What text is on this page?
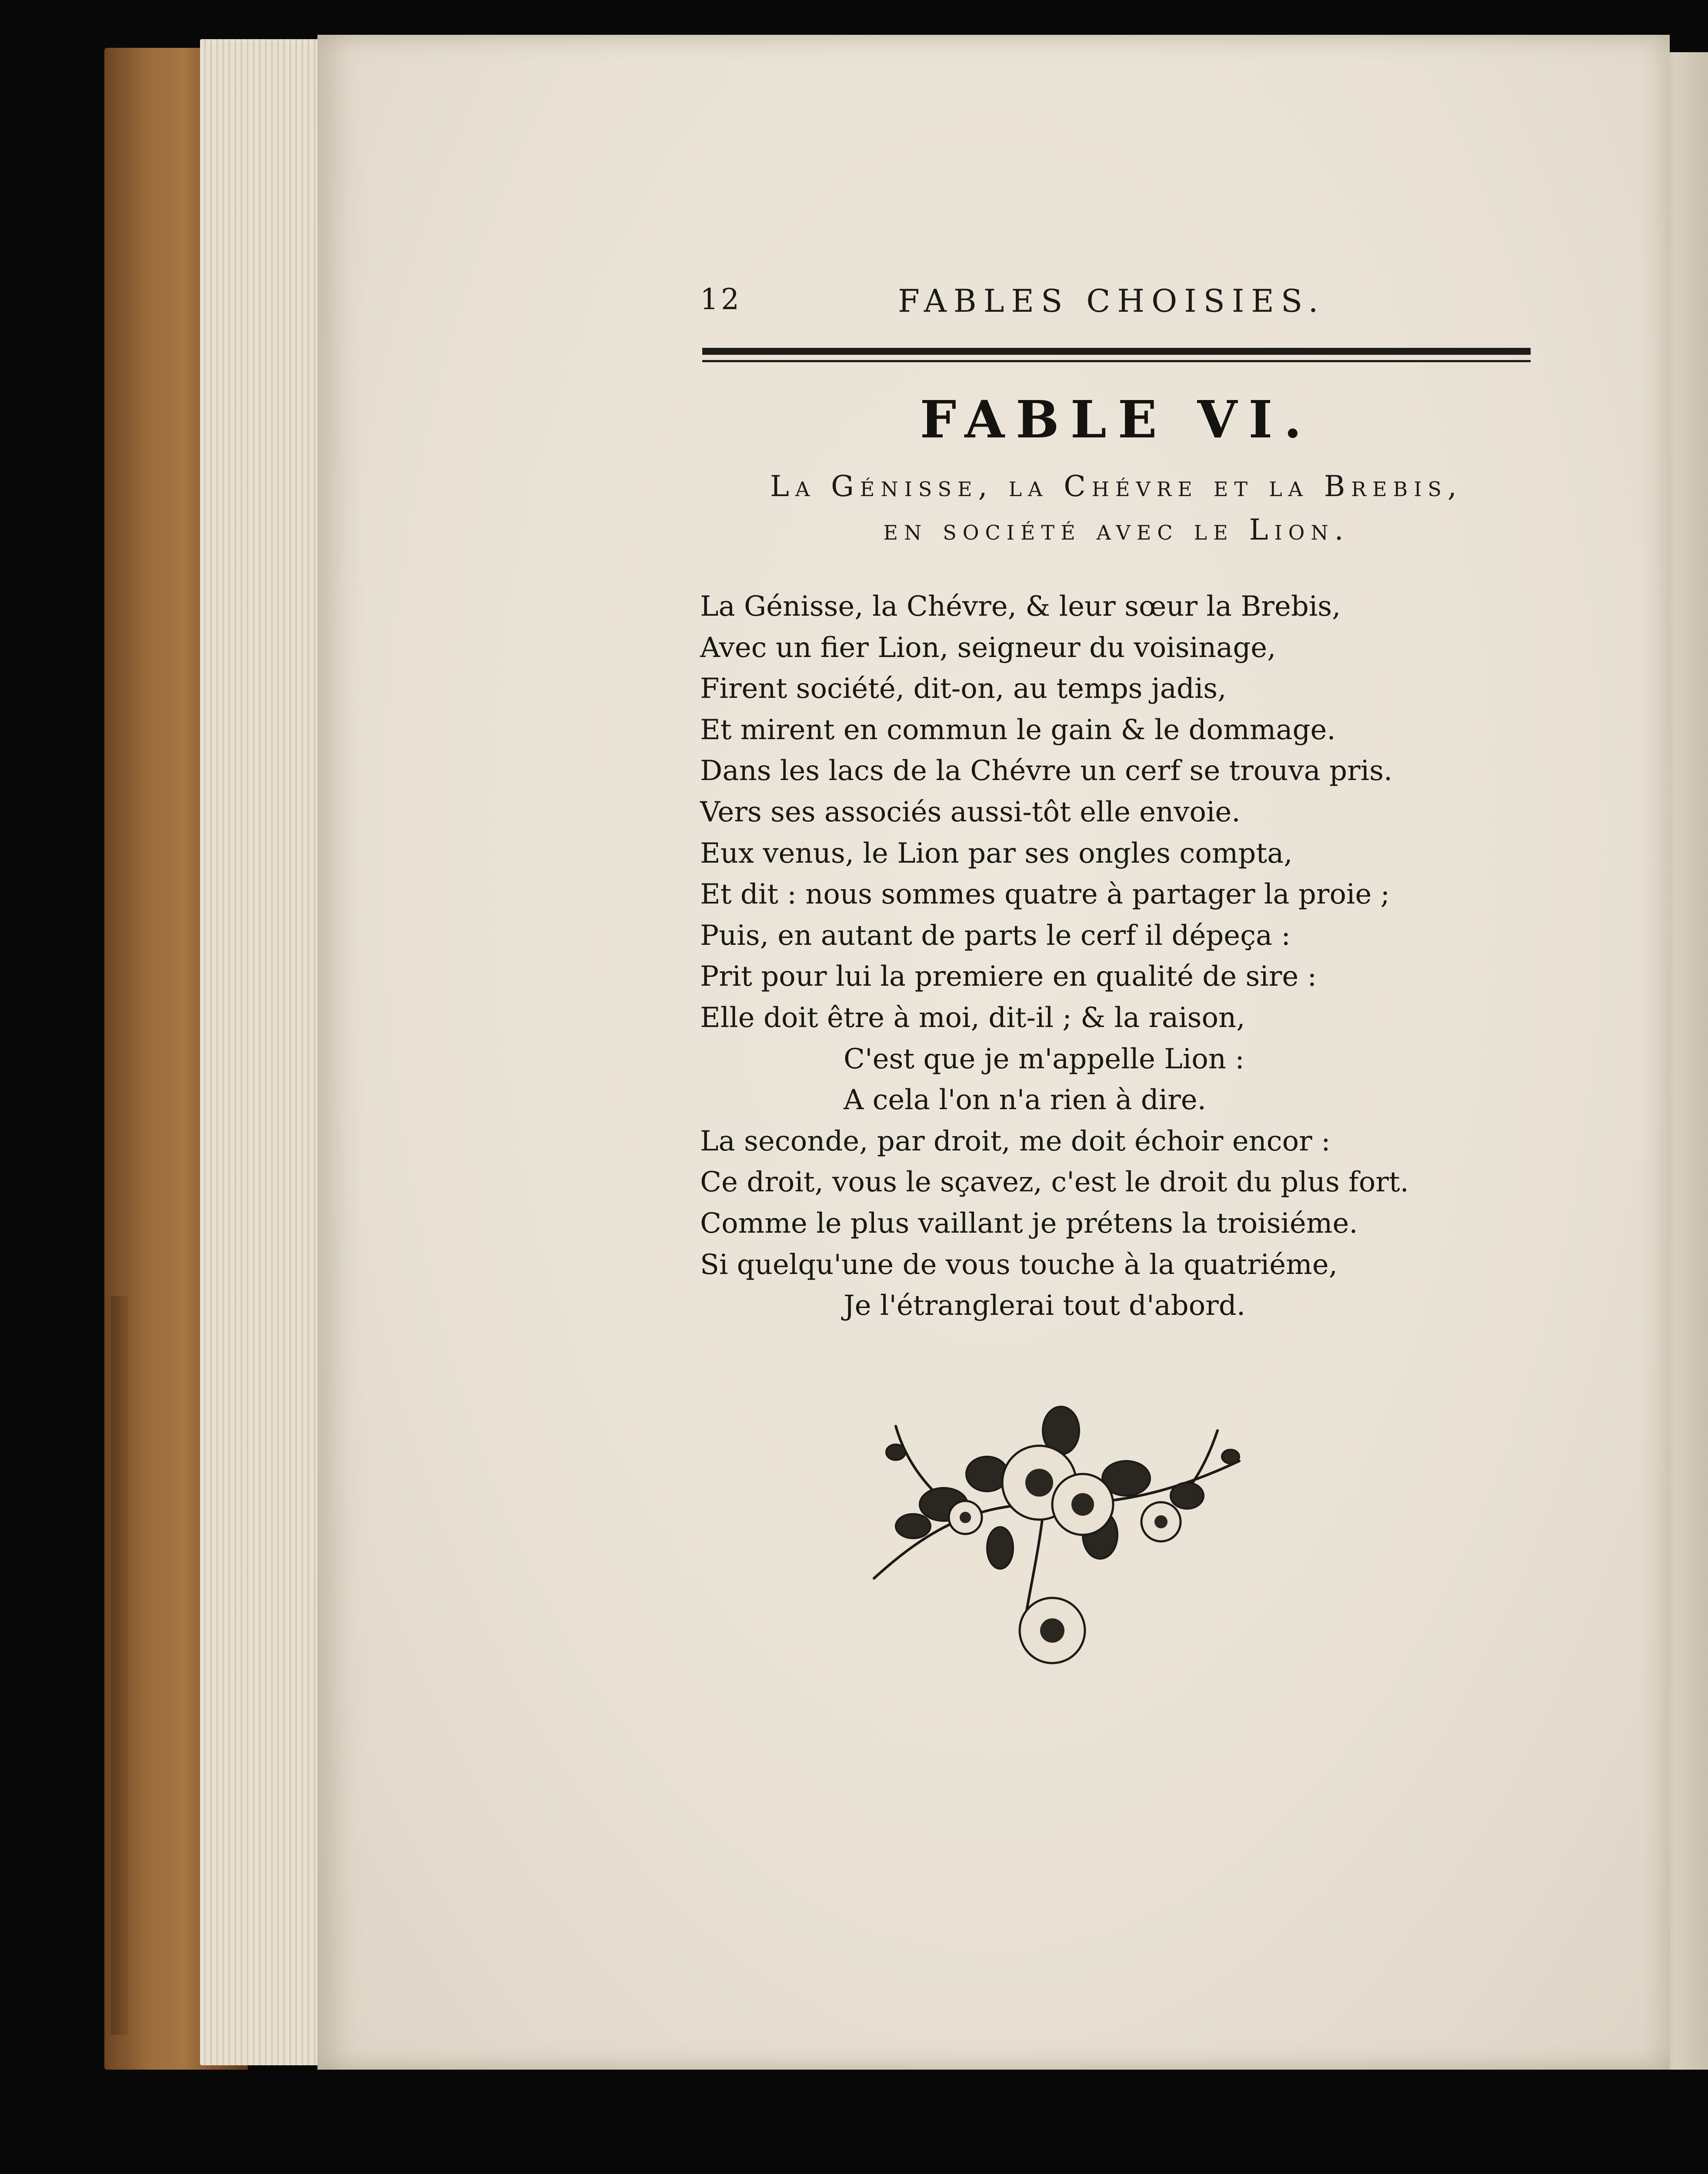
12	FABLES CHOISIES.
FABLE VI.
La Génisse, la Chévre et la Brebis,
en société avec le Lion.
La Génisse, la Chévre, & leur sœur la Brebis,
Avec un fier Lion, seigneur du voisinage,
Firent société, dit-on, au temps jadis,
Et mirent en commun le gain & le dommage.
Dans les lacs de la Chévre un cerf se trouva pris.
Vers ses associés aussi-tôt elle envoie.
Eux venus, le Lion par ses ongles compta,
Et dit : nous sommes quatre à partager la proie ;
Puis, en autant de parts le cerf il dépeça :
Prit pour lui la premiere en qualité de sire :
Elle doit être à moi, dit-il ; & la raison,
C'est que je m'appelle Lion :
A cela l'on n'a rien à dire.
La seconde, par droit, me doit échoir encor :
Ce droit, vous le sçavez, c'est le droit du plus fort.
Comme le plus vaillant je prétens la troisiéme.
Si quelqu'une de vous touche à la quatriéme,
Je l'étranglerai tout d'abord.
